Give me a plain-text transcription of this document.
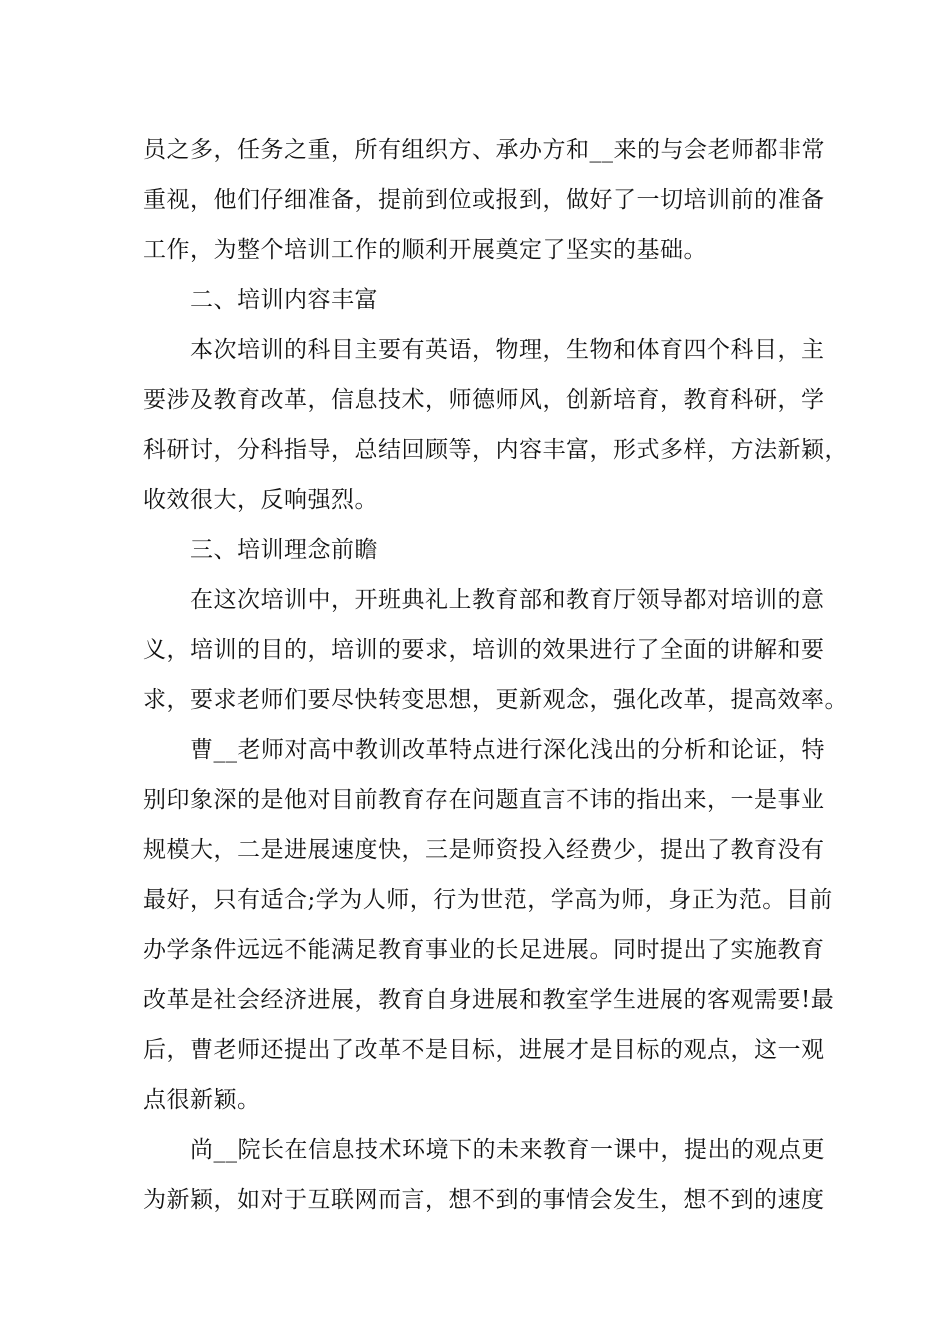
员之多，任务之重，所有组织方、承办方和__来的与会老师都非常
重视，他们仔细准备，提前到位或报到，做好了一切培训前的准备
工作，为整个培训工作的顺利开展奠定了坚实的基础。
二、培训内容丰富
本次培训的科目主要有英语，物理，生物和体育四个科目，主
要涉及教育改革，信息技术，师德师风，创新培育，教育科研，学
科研讨，分科指导，总结回顾等，内容丰富，形式多样，方法新颖，
收效很大，反响强烈。
三、培训理念前瞻
在这次培训中，开班典礼上教育部和教育厅领导都对培训的意
义，培训的目的，培训的要求，培训的效果进行了全面的讲解和要
求，要求老师们要尽快转变思想，更新观念，强化改革，提高效率。
曹__老师对高中教训改革特点进行深化浅出的分析和论证，特
别印象深的是他对目前教育存在问题直言不讳的指出来，一是事业
规模大，二是进展速度快，三是师资投入经费少，提出了教育没有
最好，只有适合;学为人师，行为世范，学高为师，身正为范。目前
办学条件远远不能满足教育事业的长足进展。同时提出了实施教育
改革是社会经济进展，教育自身进展和教室学生进展的客观需要!最
后，曹老师还提出了改革不是目标，进展才是目标的观点，这一观
点很新颖。
尚__院长在信息技术环境下的未来教育一课中，提出的观点更
为新颖，如对于互联网而言，想不到的事情会发生，想不到的速度
